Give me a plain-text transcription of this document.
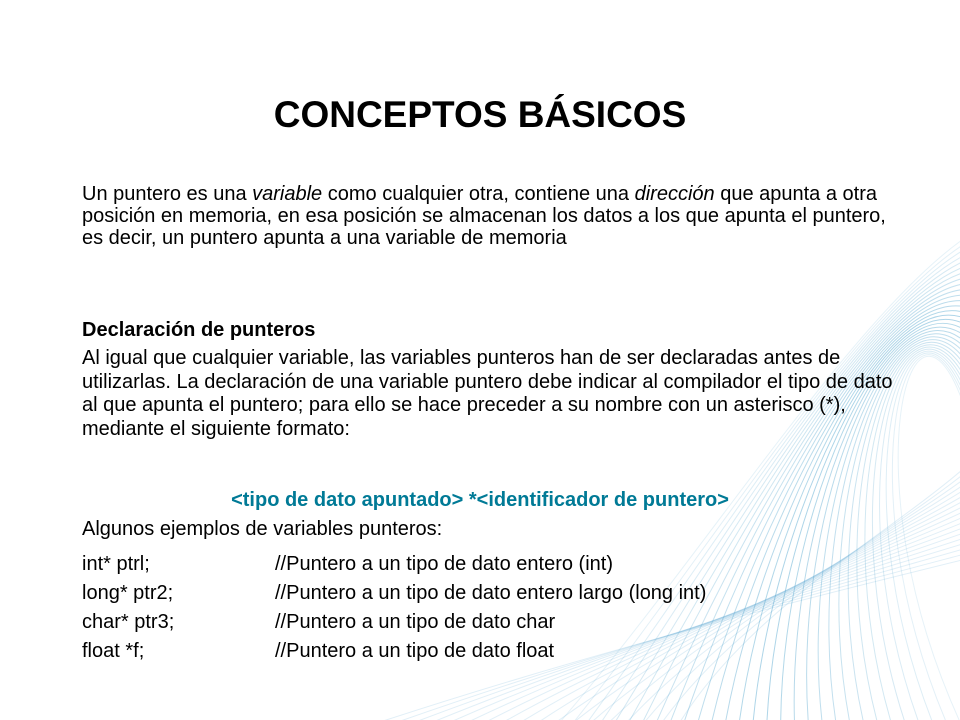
CONCEPTOS BÁSICOS

Un puntero es una variable como cualquier otra, contiene una dirección que apunta a otra posición en memoria, en esa posición se almacenan los datos a los que apunta el puntero, es decir, un puntero apunta a una variable de memoria

Declaración de punteros

Al igual que cualquier variable, las variables punteros han de ser declaradas antes de utilizarlas. La declaración de una variable puntero debe indicar al compilador el tipo de dato al que apunta el puntero; para ello se hace preceder a su nombre con un asterisco (*), mediante el siguiente formato:

<tipo de dato apuntado> *<identificador de puntero>

Algunos ejemplos de variables punteros:

int* ptrl;	//Puntero a un tipo de dato entero (int)
long* ptr2;	//Puntero a un tipo de dato entero largo (long int)
char* ptr3;	//Puntero a un tipo de dato char
float *f;	//Puntero a un tipo de dato float
